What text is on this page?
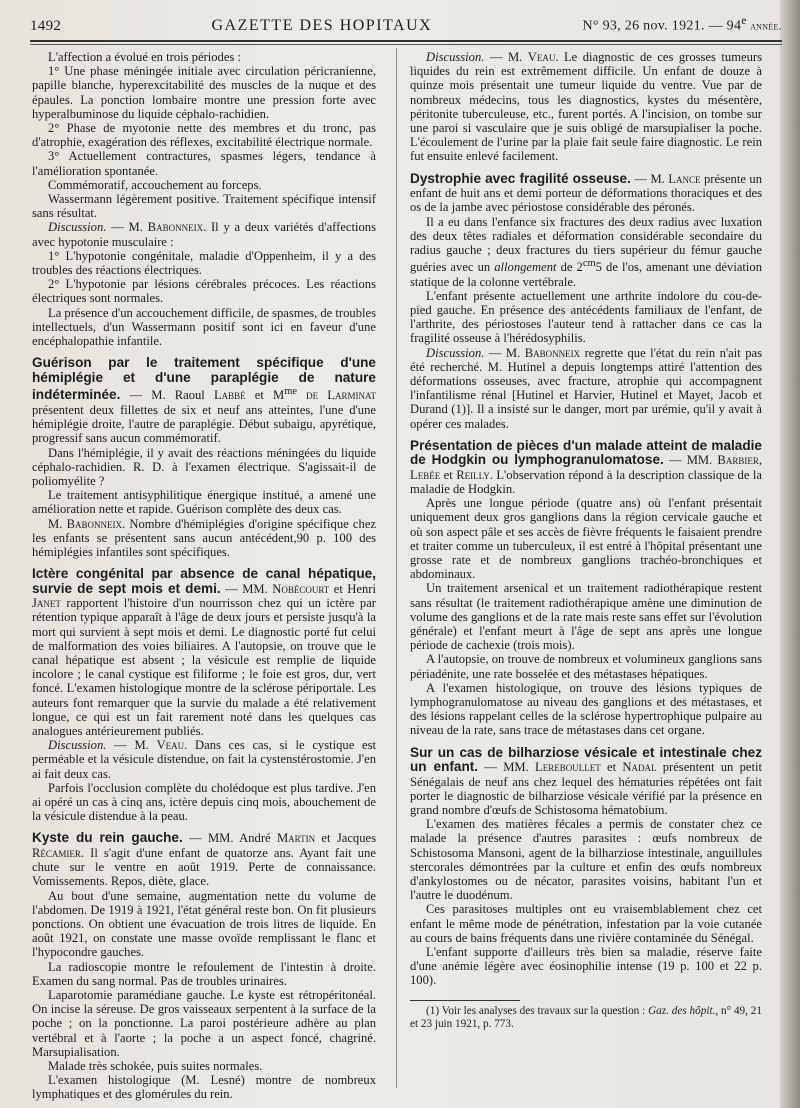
1492	GAZETTE DES HOPITAUX	N° 93, 26 nov. 1921. — 94e année.

L'affection a évolué en trois périodes :

1° Une phase méningée initiale avec circulation péricranienne, papille blanche, hyperexcitabilité des muscles de la nuque et des épaules. La ponction lombaire montre une pression forte avec hyperalbuminose du liquide céphalo-rachidien.

2° Phase de myotonie nette des membres et du tronc, pas d'atrophie, exagération des réflexes, excitabilité électrique normale.

3° Actuellement contractures, spasmes légers, tendance à l'amélioration spontanée.

Commémoratif, accouchement au forceps.

Wassermann légèrement positive. Traitement spécifique intensif sans résultat.

Discussion. — M. Babonneix. Il y a deux variétés d'affections avec hypotonie musculaire :

1° L'hypotonie congénitale, maladie d'Oppenheim, il y a des troubles des réactions électriques.

2° L'hypotonie par lésions cérébrales précoces. Les réactions électriques sont normales.

La présence d'un accouchement difficile, de spasmes, de troubles intellectuels, d'un Wassermann positif sont ici en faveur d'une encéphalopathie infantile.

Guérison par le traitement spécifique d'une hémiplégie et d'une paraplégie de nature indéterminée. — M. Raoul Labbé et $M^{me}$ de Larminat présentent deux fillettes de six et neuf ans atteintes, l'une d'une hémiplégie droite, l'autre de paraplégie. Début subaigu, apyrétique, progressif sans aucun commémoratif.

Dans l'hémiplégie, il y avait des réactions méningées du liquide céphalo-rachidien. R. D. à l'examen électrique. S'agissait-il de poliomyélite ?

Le traitement antisyphilitique énergique institué, a amené une amélioration nette et rapide. Guérison complète des deux cas.

M. Babonneix. Nombre d'hémiplégies d'origine spécifique chez les enfants se présentent sans aucun antécédent,90 p. 100 des hémiplégies infantiles sont spécifiques.

Ictère congénital par absence de canal hépatique, survie de sept mois et demi. — MM. Nobécourt et Henri Janet rapportent l'histoire d'un nourrisson chez qui un ictère par rétention typique apparaît à l'âge de deux jours et persiste jusqu'à la mort qui survient à sept mois et demi. Le diagnostic porté fut celui de malformation des voies biliaires. A l'autopsie, on trouve que le canal hépatique est absent ; la vésicule est remplie de liquide incolore ; le canal cystique est filiforme ; le foie est gros, dur, vert foncé. L'examen histologique montre de la sclérose périportale. Les auteurs font remarquer que la survie du malade a été relativement longue, ce qui est un fait rarement noté dans les quelques cas analogues antérieurement publiés.

Discussion. — M. Veau. Dans ces cas, si le cystique est perméable et la vésicule distendue, on fait la cystenstérostomie. J'en ai fait deux cas.

Parfois l'occlusion complète du cholédoque est plus tardive. J'en ai opéré un cas à cinq ans, ictère depuis cinq mois, abouchement de la vésicule distendue à la peau.

Kyste du rein gauche. — MM. André Martin et Jacques Récamier. Il s'agit d'une enfant de quatorze ans. Ayant fait une chute sur le ventre en août 1919. Perte de connaissance. Vomissements. Repos, diète, glace.

Au bout d'une semaine, augmentation nette du volume de l'abdomen. De 1919 à 1921, l'état général reste bon. On fit plusieurs ponctions. On obtient une évacuation de trois litres de liquide. En août 1921, on constate une masse ovoïde remplissant le flanc et l'hypocondre gauches.

La radioscopie montre le refoulement de l'intestin à droite. Examen du sang normal. Pas de troubles urinaires.

Laparotomie paramédiane gauche. Le kyste est rétropéritonéal. On incise la séreuse. De gros vaisseaux serpentent à la surface de la poche ; on la ponctionne. La paroi postérieure adhère au plan vertébral et à l'aorte ; la poche a un aspect foncé, chagriné. Marsupialisation.

Malade très schokée, puis suites normales.

L'examen histologique (M. Lesné) montre de nombreux lymphatiques et des glomérules du rein.

Discussion. — M. Veau. Le diagnostic de ces grosses tumeurs liquides du rein est extrêmement difficile. Un enfant de douze à quinze mois présentait une tumeur liquide du ventre. Vue par de nombreux médecins, tous les diagnostics, kystes du mésentère, péritonite tuberculeuse, etc., furent portés. A l'incision, on tombe sur une paroi si vasculaire que je suis obligé de marsupialiser la poche. L'écoulement de l'urine par la plaie fait seule faire diagnostic. Le rein fut ensuite enlevé facilement.

Dystrophie avec fragilité osseuse. — M. Lance présente un enfant de huit ans et demi porteur de déformations thoraciques et des os de la jambe avec périostose considérable des péronés.

Il a eu dans l'enfance six fractures des deux radius avec luxation des deux têtes radiales et déformation considérable secondaire du radius gauche ; deux fractures du tiers supérieur du fémur gauche guéries avec un allongement de $2^{cm}5$ de l'os, amenant une déviation statique de la colonne vertébrale.

L'enfant présente actuellement une arthrite indolore du cou-de-pied gauche. En présence des antécédents familiaux de l'enfant, de l'arthrite, des périostoses l'auteur tend à rattacher dans ce cas la fragilité osseuse à l'hérédosyphilis.

Discussion. — M. Babonneix regrette que l'état du rein n'ait pas été recherché. M. Hutinel a depuis longtemps attiré l'attention des déformations osseuses, avec fracture, atrophie qui accompagnent l'infantilisme rénal [Hutinel et Harvier, Hutinel et Mayet, Jacob et Durand (1)]. Il a insisté sur le danger, mort par urémie, qu'il y avait à opérer ces malades.

Présentation de pièces d'un malade atteint de maladie de Hodgkin ou lymphogranulomatose. — MM. Barbier, Lebée et Reilly. L'observation répond à la description classique de la maladie de Hodgkin.

Après une longue période (quatre ans) où l'enfant présentait uniquement deux gros ganglions dans la région cervicale gauche et où son aspect pâle et ses accès de fièvre fréquents le faisaient prendre et traiter comme un tuberculeux, il est entré à l'hôpital présentant une grosse rate et de nombreux ganglions trachéo-bronchiques et abdominaux.

Un traitement arsenical et un traitement radiothérapique restent sans résultat (le traitement radiothérapique amène une diminution de volume des ganglions et de la rate mais reste sans effet sur l'évolution générale) et l'enfant meurt à l'âge de sept ans après une longue période de cachexie (trois mois).

A l'autopsie, on trouve de nombreux et volumineux ganglions sans périadénite, une rate bosselée et des métastases hépatiques.

A l'examen histologique, on trouve des lésions typiques de lymphogranulomatose au niveau des ganglions et des métastases, et des lésions rappelant celles de la sclérose hypertrophique pulpaire au niveau de la rate, sans trace de métastases dans cet organe.

Sur un cas de bilharziose vésicale et intestinale chez un enfant. — MM. Lereboullet et Nadal présentent un petit Sénégalais de neuf ans chez lequel des hématuries répétées ont fait porter le diagnostic de bilharziose vésicale vérifié par la présence en grand nombre d'œufs de Schistosoma hématobium.

L'examen des matières fécales a permis de constater chez ce malade la présence d'autres parasites : œufs nombreux de Schistosoma Mansoni, agent de la bilharziose intestinale, anguillules stercorales démontrées par la culture et enfin des œufs nombreux d'ankylostomes ou de nécator, parasites voisins, habitant l'un et l'autre le duodénum.

Ces parasitoses multiples ont eu vraisemblablement chez cet enfant le même mode de pénétration, infestation par la voie cutanée au cours de bains fréquents dans une rivière contaminée du Sénégal.

L'enfant supporte d'ailleurs très bien sa maladie, réserve faite d'une anémie légère avec éosinophilie intense (19 p. 100 et 22 p. 100).

(1) Voir les analyses des travaux sur la question : Gaz. des hôpit., n° 49, 21 et 23 juin 1921, p. 773.
